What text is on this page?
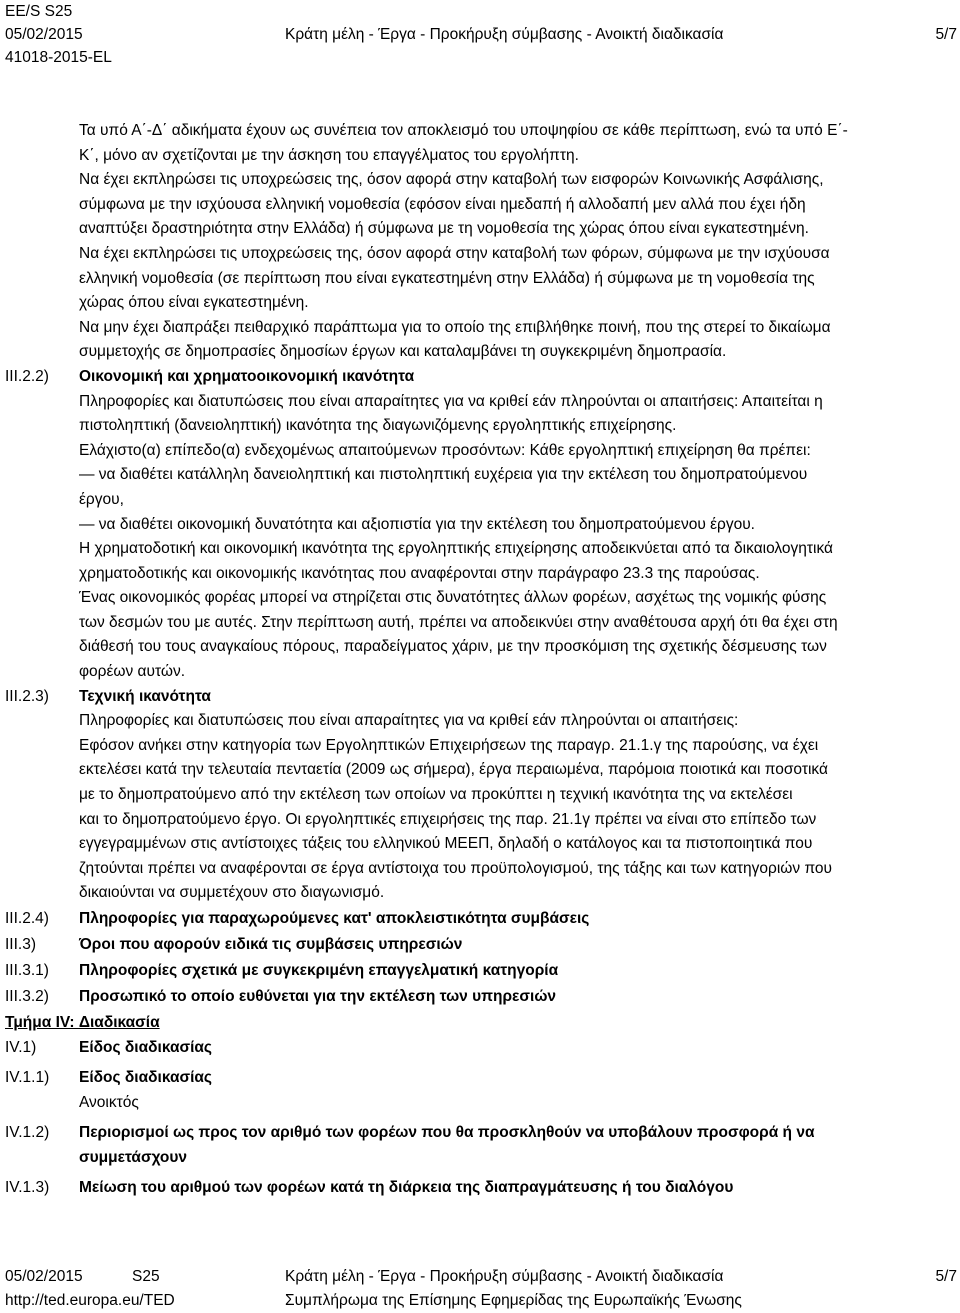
EE/S S25
05/02/2015	Κράτη μέλη - Έργα - Προκήρυξη σύμβασης - Ανοικτή διαδικασία	5/7
41018-2015-EL
Τα υπό Α΄-Δ΄ αδικήματα έχουν ως συνέπεια τον αποκλεισμό του υποψηφίου σε κάθε περίπτωση, ενώ τα υπό Ε΄-
Κ΄, μόνο αν σχετίζονται με την άσκηση του επαγγέλματος του εργολήπτη.
Να έχει εκπληρώσει τις υποχρεώσεις της, όσον αφορά στην καταβολή των εισφορών Κοινωνικής Ασφάλισης,
σύμφωνα με την ισχύουσα ελληνική νομοθεσία (εφόσον είναι ημεδαπή ή αλλοδαπή μεν αλλά που έχει ήδη
αναπτύξει δραστηριότητα στην Ελλάδα) ή σύμφωνα με τη νομοθεσία της χώρας όπου είναι εγκατεστημένη.
Να έχει εκπληρώσει τις υποχρεώσεις της, όσον αφορά στην καταβολή των φόρων, σύμφωνα με την ισχύουσα
ελληνική νομοθεσία (σε περίπτωση που είναι εγκατεστημένη στην Ελλάδα) ή σύμφωνα με τη νομοθεσία της
χώρας όπου είναι εγκατεστημένη.
Να μην έχει διαπράξει πειθαρχικό παράπτωμα για το οποίο της επιβλήθηκε ποινή, που της στερεί το δικαίωμα
συμμετοχής σε δημοπρασίες δημοσίων έργων και καταλαμβάνει τη συγκεκριμένη δημοπρασία.
III.2.2) Οικονομική και χρηματοοικονομική ικανότητα
Πληροφορίες και διατυπώσεις που είναι απαραίτητες για να κριθεί εάν πληρούνται οι απαιτήσεις: Απαιτείται η
πιστοληπτική (δανειοληπτική) ικανότητα της διαγωνιζόμενης εργοληπτικής επιχείρησης.
Ελάχιστο(α) επίπεδο(α) ενδεχομένως απαιτούμενων προσόντων: Κάθε εργοληπτική επιχείρηση θα πρέπει:
— να διαθέτει κατάλληλη δανειοληπτική και πιστοληπτική ευχέρεια για την εκτέλεση του δημοπρατούμενου
έργου,
— να διαθέτει οικονομική δυνατότητα και αξιοπιστία για την εκτέλεση του δημοπρατούμενου έργου.
Η χρηματοδοτική και οικονομική ικανότητα της εργοληπτικής επιχείρησης αποδεικνύεται από τα δικαιολογητικά
χρηματοδοτικής και οικονομικής ικανότητας που αναφέρονται στην παράγραφο 23.3 της παρούσας.
Ένας οικονομικός φορέας μπορεί να στηρίζεται στις δυνατότητες άλλων φορέων, ασχέτως της νομικής φύσης
των δεσμών του με αυτές. Στην περίπτωση αυτή, πρέπει να αποδεικνύει στην αναθέτουσα αρχή ότι θα έχει στη
διάθεσή του τους αναγκαίους πόρους, παραδείγματος χάριν, με την προσκόμιση της σχετικής δέσμευσης των
φορέων αυτών.
III.2.3) Τεχνική ικανότητα
Πληροφορίες και διατυπώσεις που είναι απαραίτητες για να κριθεί εάν πληρούνται οι απαιτήσεις:
Εφόσον ανήκει στην κατηγορία των Εργοληπτικών Επιχειρήσεων της παραγρ. 21.1.γ της παρούσης, να έχει
εκτελέσει κατά την τελευταία πενταετία (2009 ως σήμερα), έργα περαιωμένα, παρόμοια ποιοτικά και ποσοτικά
με το δημοπρατούμενο από την εκτέλεση των οποίων να προκύπτει η τεχνική ικανότητα της να εκτελέσει
και το δημοπρατούμενο έργο. Οι εργοληπτικές επιχειρήσεις της παρ. 21.1γ πρέπει να είναι στο επίπεδο των
εγγεγραμμένων στις αντίστοιχες τάξεις του ελληνικού ΜΕΕΠ, δηλαδή ο κατάλογος και τα πιστοποιητικά που
ζητούνται πρέπει να αναφέρονται σε έργα αντίστοιχα του προϋπολογισμού, της τάξης και των κατηγοριών που
δικαιούνται να συμμετέχουν στο διαγωνισμό.
III.2.4) Πληροφορίες για παραχωρούμενες κατ' αποκλειστικότητα συμβάσεις
III.3)	Όροι που αφορούν ειδικά τις συμβάσεις υπηρεσιών
III.3.1) Πληροφορίες σχετικά με συγκεκριμένη επαγγελματική κατηγορία
III.3.2) Προσωπικό το οποίο ευθύνεται για την εκτέλεση των υπηρεσιών
Τμήμα IV: Διαδικασία
IV.1)	Είδος διαδικασίας
IV.1.1) Είδος διαδικασίας
Ανοικτός
IV.1.2) Περιορισμοί ως προς τον αριθμό των φορέων που θα προσκληθούν να υποβάλουν προσφορά ή να
συμμετάσχουν
IV.1.3) Μείωση του αριθμού των φορέων κατά τη διάρκεια της διαπραγμάτευσης ή του διαλόγου
05/02/2015	S25	Κράτη μέλη - Έργα - Προκήρυξη σύμβασης - Ανοικτή διαδικασία	5/7
http://ted.europa.eu/TED	Συμπλήρωμα της Επίσημης Εφημερίδας της Ευρωπαϊκής Ένωσης
